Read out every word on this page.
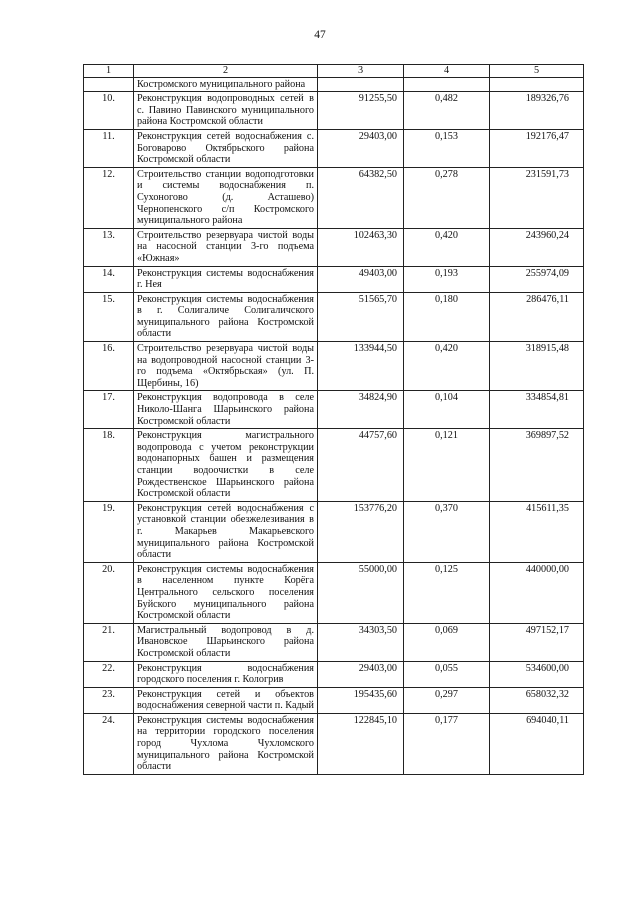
47
1	2	3	4	5
	Костромского муниципального района			
10.	Реконструкция водопроводных сетей в с. Павино Павинского муниципального района Костромской области	91255,50	0,482	189326,76
11.	Реконструкция сетей водоснабжения с. Боговарово Октябрьского района Костромской области	29403,00	0,153	192176,47
12.	Строительство станции водоподготовки и системы водоснабжения п. Сухоногово (д. Асташево) Чернопенского с/п Костромского муниципального района	64382,50	0,278	231591,73
13.	Строительство резервуара чистой воды на насосной станции 3-го подъема «Южная»	102463,30	0,420	243960,24
14.	Реконструкция системы водоснабжения г. Нея	49403,00	0,193	255974,09
15.	Реконструкция системы водоснабжения в г. Солигаличе Солигаличского муниципального района Костромской области	51565,70	0,180	286476,11
16.	Строительство резервуара чистой воды на водопроводной насосной станции 3-го подъема «Октябрьская» (ул. П. Щербины, 16)	133944,50	0,420	318915,48
17.	Реконструкция водопровода в селе Николо-Шанга Шарьинского района Костромской области	34824,90	0,104	334854,81
18.	Реконструкция магистрального водопровода с учетом реконструкции водонапорных башен и размещения станции водоочистки в селе Рождественское Шарьинского района Костромской области	44757,60	0,121	369897,52
19.	Реконструкция сетей водоснабжения с установкой станции обезжелезивания в г. Макарьев Макарьевского муниципального района Костромской области	153776,20	0,370	415611,35
20.	Реконструкция системы водоснабжения в населенном пункте Корёга Центрального сельского поселения Буйского муниципального района Костромской области	55000,00	0,125	440000,00
21.	Магистральный водопровод в д. Ивановское Шарьинского района Костромской области	34303,50	0,069	497152,17
22.	Реконструкция водоснабжения городского поселения г. Кологрив	29403,00	0,055	534600,00
23.	Реконструкция сетей и объектов водоснабжения северной части п. Кадый	195435,60	0,297	658032,32
24.	Реконструкция системы водоснабжения на территории городского поселения город Чухлома Чухломского муниципального района Костромской области	122845,10	0,177	694040,11
